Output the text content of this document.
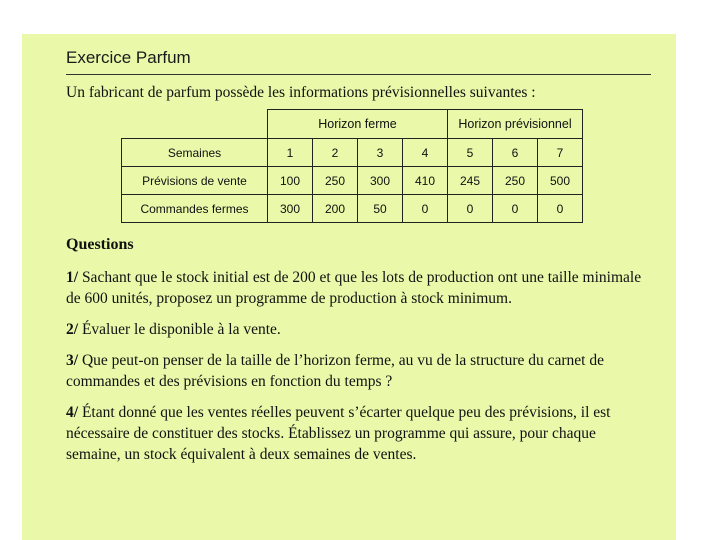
Exercice Parfum
Un fabricant de parfum possède les informations prévisionnelles suivantes :
	Horizon ferme				Horizon prévisionnel		
Semaines	1	2	3	4	5	6	7
Prévisions de vente	100	250	300	410	245	250	500
Commandes fermes	300	200	50	0	0	0	0
Questions
1/ Sachant que le stock initial est de 200 et que les lots de production ont une taille minimale
de 600 unités, proposez un programme de production à stock minimum.
2/ Évaluer le disponible à la vente.
3/ Que peut-on penser de la taille de l’horizon ferme, au vu de la structure du carnet de
commandes et des prévisions en fonction du temps ?
4/ Étant donné que les ventes réelles peuvent s’écarter quelque peu des prévisions, il est
nécessaire de constituer des stocks. Établissez un programme qui assure, pour chaque
semaine, un stock équivalent à deux semaines de ventes.
